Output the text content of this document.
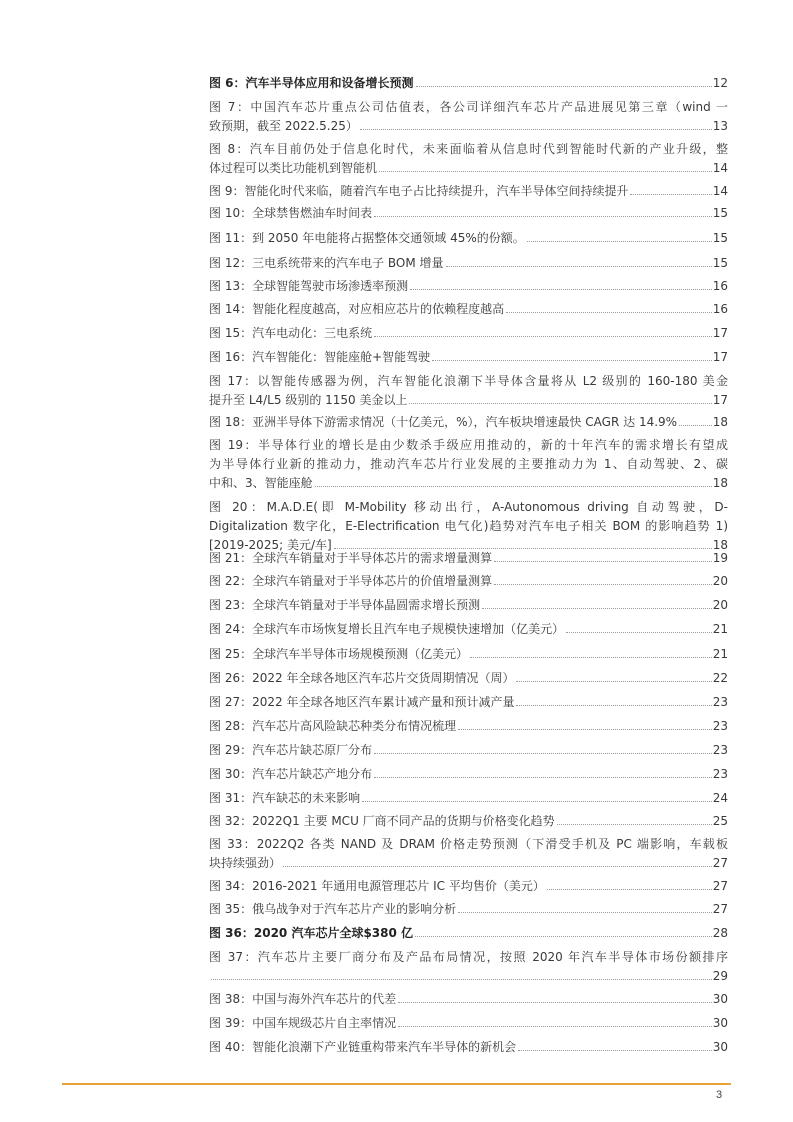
图 6：汽车半导体应用和设备增长预测	12
图 7：中国汽车芯片重点公司估值表，各公司详细汽车芯片产品进展见第三章（wind 一
致预期，截至 2022.5.25）	13
图 8：汽车目前仍处于信息化时代，未来面临着从信息时代到智能时代新的产业升级，整
体过程可以类比功能机到智能机	14
图 9：智能化时代来临，随着汽车电子占比持续提升，汽车半导体空间持续提升	14
图 10：全球禁售燃油车时间表	15
图 11：到 2050 年电能将占据整体交通领域 45%的份额。	15
图 12：三电系统带来的汽车电子 BOM 增量	15
图 13：全球智能驾驶市场渗透率预测	16
图 14：智能化程度越高，对应相应芯片的依赖程度越高	16
图 15：汽车电动化：三电系统	17
图 16：汽车智能化：智能座舱+智能驾驶	17
图 17：以智能传感器为例，汽车智能化浪潮下半导体含量将从 L2 级别的 160-180 美金
提升至 L4/L5 级别的 1150 美金以上	17
图 18：亚洲半导体下游需求情况（十亿美元，%），汽车板块增速最快 CAGR 达 14.9%	18
图 19：半导体行业的增长是由少数杀手级应用推动的，新的十年汽车的需求增长有望成
为半导体行业新的推动力，推动汽车芯片行业发展的主要推动力为 1、自动驾驶、2、碳
中和、3、智能座舱	18
图 20：M.A.D.E(即 M-Mobility 移动出行，A-Autonomous driving 自动驾驶，D-
Digitalization 数字化，E-Electrification 电气化)趋势对汽车电子相关 BOM 的影响趋势 1)
[2019-2025; 美元/车]	18
图 21：全球汽车销量对于半导体芯片的需求增量测算	19
图 22：全球汽车销量对于半导体芯片的价值增量测算	20
图 23：全球汽车销量对于半导体晶圆需求增长预测	20
图 24：全球汽车市场恢复增长且汽车电子规模快速增加（亿美元）	21
图 25：全球汽车半导体市场规模预测（亿美元）	21
图 26：2022 年全球各地区汽车芯片交货周期情况（周）	22
图 27：2022 年全球各地区汽车累计减产量和预计减产量	23
图 28：汽车芯片高风险缺芯种类分布情况梳理	23
图 29：汽车芯片缺芯原厂分布	23
图 30：汽车芯片缺芯产地分布	23
图 31：汽车缺芯的未来影响	24
图 32：2022Q1 主要 MCU 厂商不同产品的货期与价格变化趋势	25
图 33：2022Q2 各类 NAND 及 DRAM 价格走势预测（下滑受手机及 PC 端影响，车载板
块持续强劲）	27
图 34：2016-2021 年通用电源管理芯片 IC 平均售价（美元）	27
图 35：俄乌战争对于汽车芯片产业的影响分析	27
图 36：2020 汽车芯片全球$380 亿	28
图 37：汽车芯片主要厂商分布及产品布局情况，按照 2020 年汽车半导体市场份额排序
29
图 38：中国与海外汽车芯片的代差	30
图 39：中国车规级芯片自主率情况	30
图 40：智能化浪潮下产业链重构带来汽车半导体的新机会	30
3
